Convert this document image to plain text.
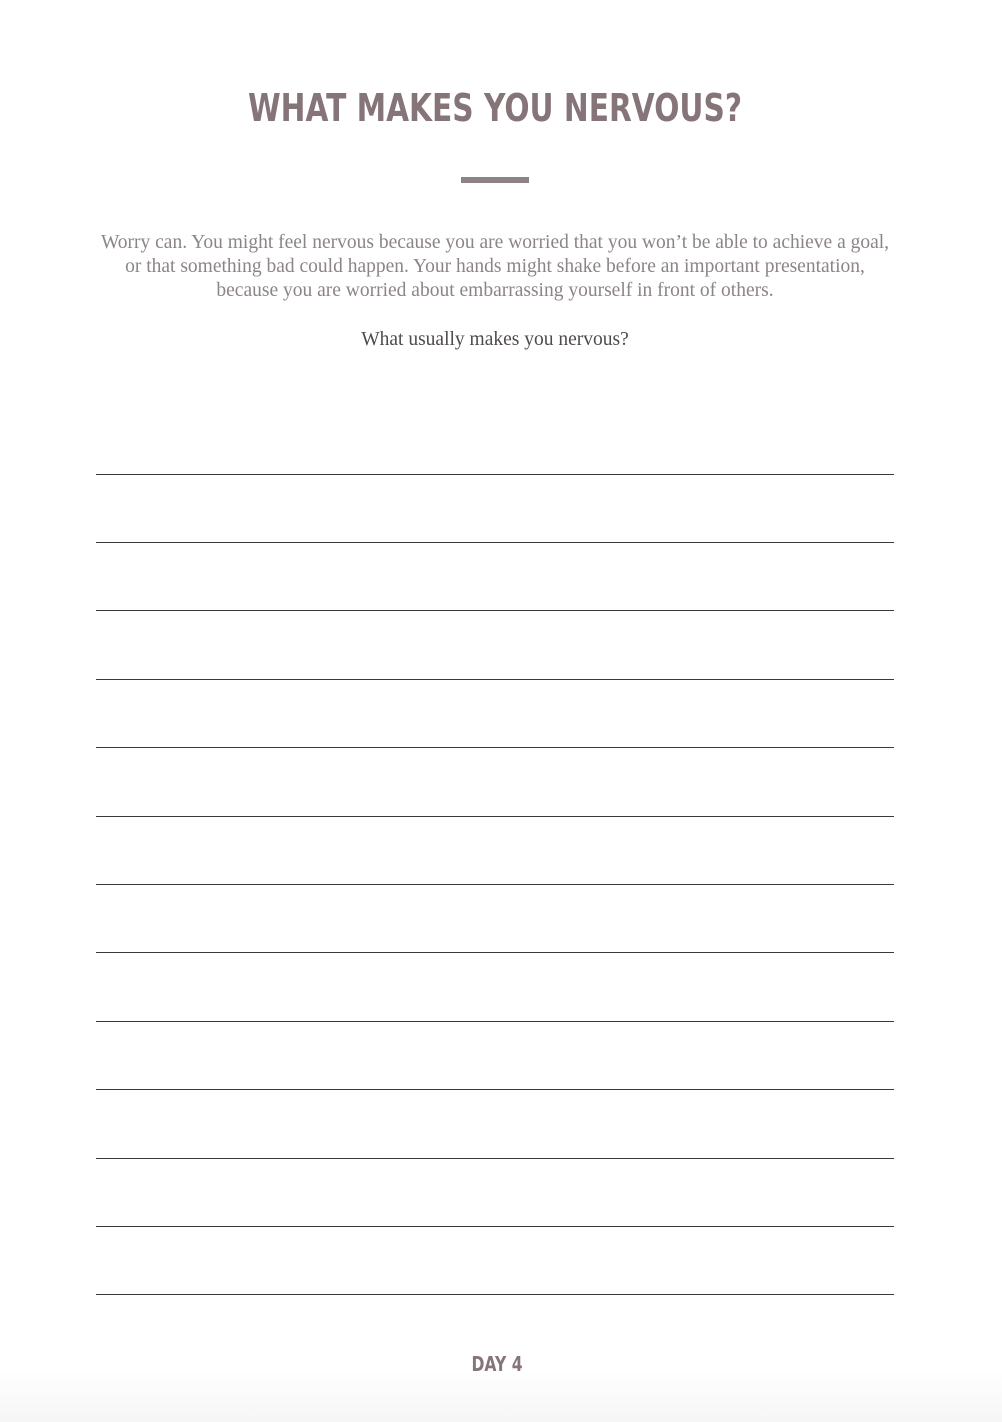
WHAT MAKES YOU NERVOUS?
Worry can. You might feel nervous because you are worried that you won’t be able to achieve a goal, or that something bad could happen. Your hands might shake before an important presentation, because you are worried about embarrassing yourself in front of others.
What usually makes you nervous?
DAY 4
